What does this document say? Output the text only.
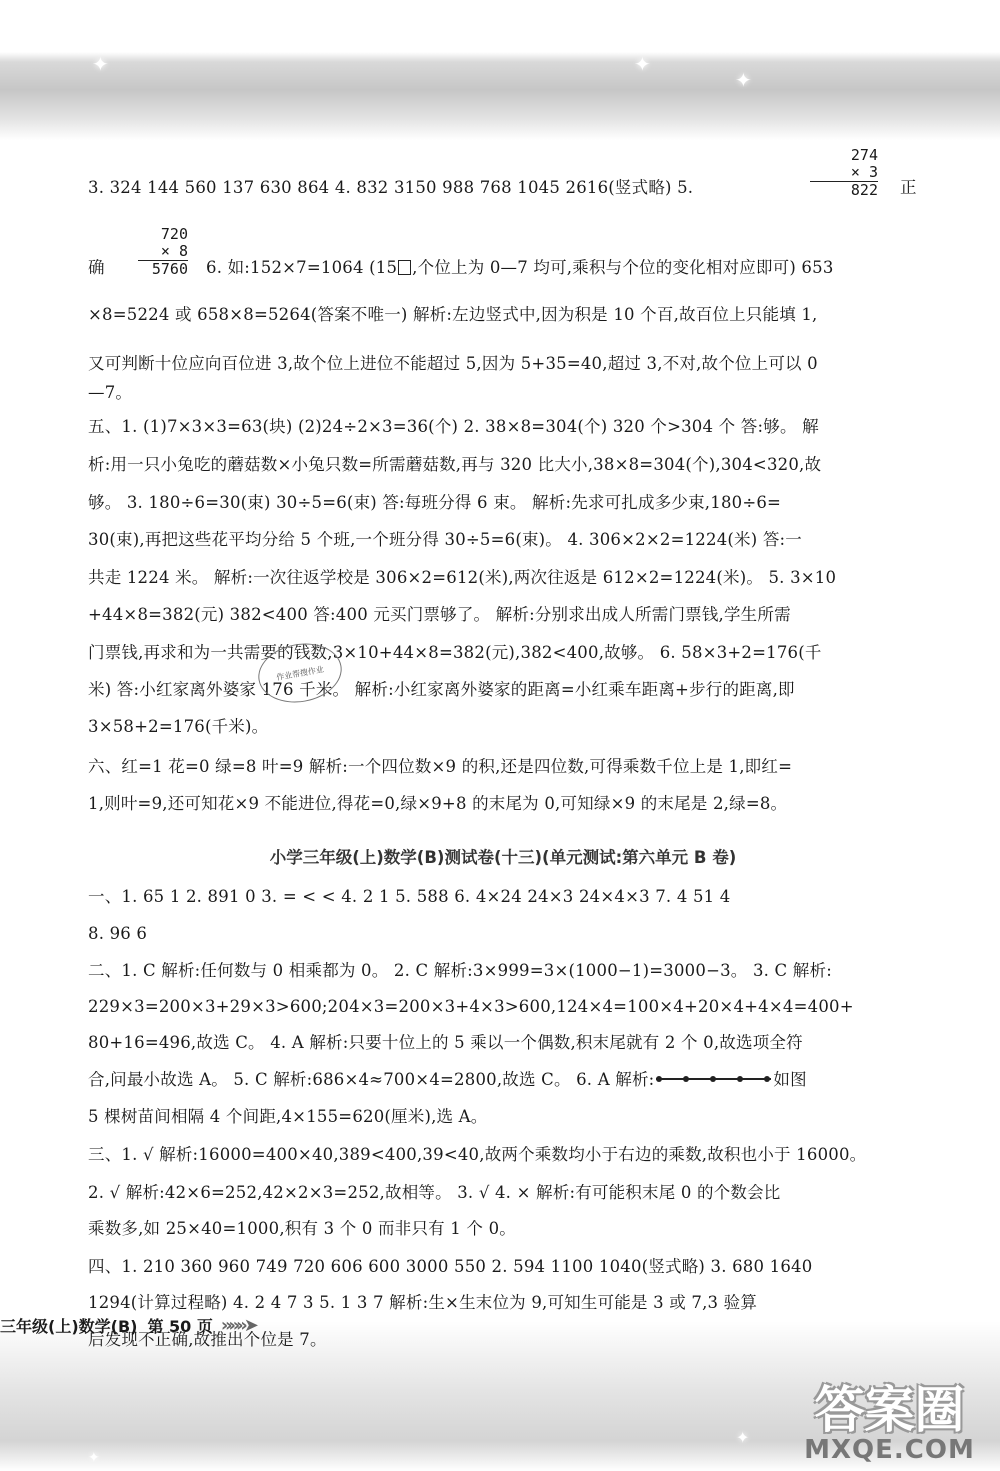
✦	✦
✦
✦
✦
3. 324 144 560 137 630 864 4. 832 3150 988 768 1045 2616(竖式略) 5.
274
× 3
822 正
720
× 8
5760
确	6. 如:152×7=1064 (15 ,个位上为 0—7 均可,乘积与个位的变化相对应即可) 653
×8=5224 或 658×8=5264(答案不唯一) 解析:左边竖式中,因为积是 10 个百,故百位上只能填 1,
又可判断十位应向百位进 3,故个位上进位不能超过 5,因为 5+35=40,超过 3,不对,故个位上可以 0
—7。
五、1. (1)7×3×3=63(块) (2)24÷2×3=36(个) 2. 38×8=304(个) 320 个>304 个 答:够。 解
析:用一只小兔吃的蘑菇数×小兔只数=所需蘑菇数,再与 320 比大小,38×8=304(个),304<320,故
够。 3. 180÷6=30(束) 30÷5=6(束) 答:每班分得 6 束。 解析:先求可扎成多少束,180÷6=
30(束),再把这些花平均分给 5 个班,一个班分得 30÷5=6(束)。 4. 306×2×2=1224(米) 答:一
共走 1224 米。 解析:一次往返学校是 306×2=612(米),两次往返是 612×2=1224(米)。 5. 3×10
+44×8=382(元) 382<400 答:400 元买门票够了。 解析:分别求出成人所需门票钱,学生所需
门票钱,再求和为一共需要的钱数,3×10+44×8=382(元),382<400,故够。 6. 58×3+2=176(千
米) 答:小红家离外婆家 176 千米。 解析:小红家离外婆家的距离=小红乘车距离+步行的距离,即
3×58+2=176(千米)。
六、红=1 花=0 绿=8 叶=9 解析:一个四位数×9 的积,还是四位数,可得乘数千位上是 1,即红=
1,则叶=9,还可知花×9 不能进位,得花=0,绿×9+8 的末尾为 0,可知绿×9 的末尾是 2,绿=8。
小学三年级(上)数学(B)测试卷(十三)(单元测试:第六单元 B 卷)
一、1. 65 1 2. 891 0 3. = < < 4. 2 1 5. 588 6. 4×24 24×3 24×4×3 7. 4 51 4
8. 96 6
二、1. C 解析:任何数与 0 相乘都为 0。 2. C 解析:3×999=3×(1000−1)=3000−3。 3. C 解析:
229×3=200×3+29×3>600;204×3=200×3+4×3>600,124×4=100×4+20×4+4×4=400+
80+16=496,故选 C。 4. A 解析:只要十位上的 5 乘以一个偶数,积末尾就有 2 个 0,故选项全符
合,问最小故选 A。 5. C 解析:686×4≈700×4=2800,故选 C。 6. A 解析:	如图
5 棵树苗间相隔 4 个间距,4×155=620(厘米),选 A。
三、1. √ 解析:16000=400×40,389<400,39<40,故两个乘数均小于右边的乘数,故积也小于 16000。
2. √ 解析:42×6=252,42×2×3=252,故相等。 3. √ 4. × 解析:有可能积末尾 0 的个数会比
乘数多,如 25×40=1000,积有 3 个 0 而非只有 1 个 0。
四、1. 210 360 960 749 720 606 600 3000 550 2. 594 1100 1040(竖式略) 3. 680 1640
1294(计算过程略) 4. 2 4 7 3 5. 1 3 7 解析:生×生末位为 9,可知生可能是 3 或 7,3 验算
后发现不正确,故推出个位是 7。
作业帮搜作业
三年级(上)数学(B) 第 50 页 »»»➤
答案圈
MXQE.COM
